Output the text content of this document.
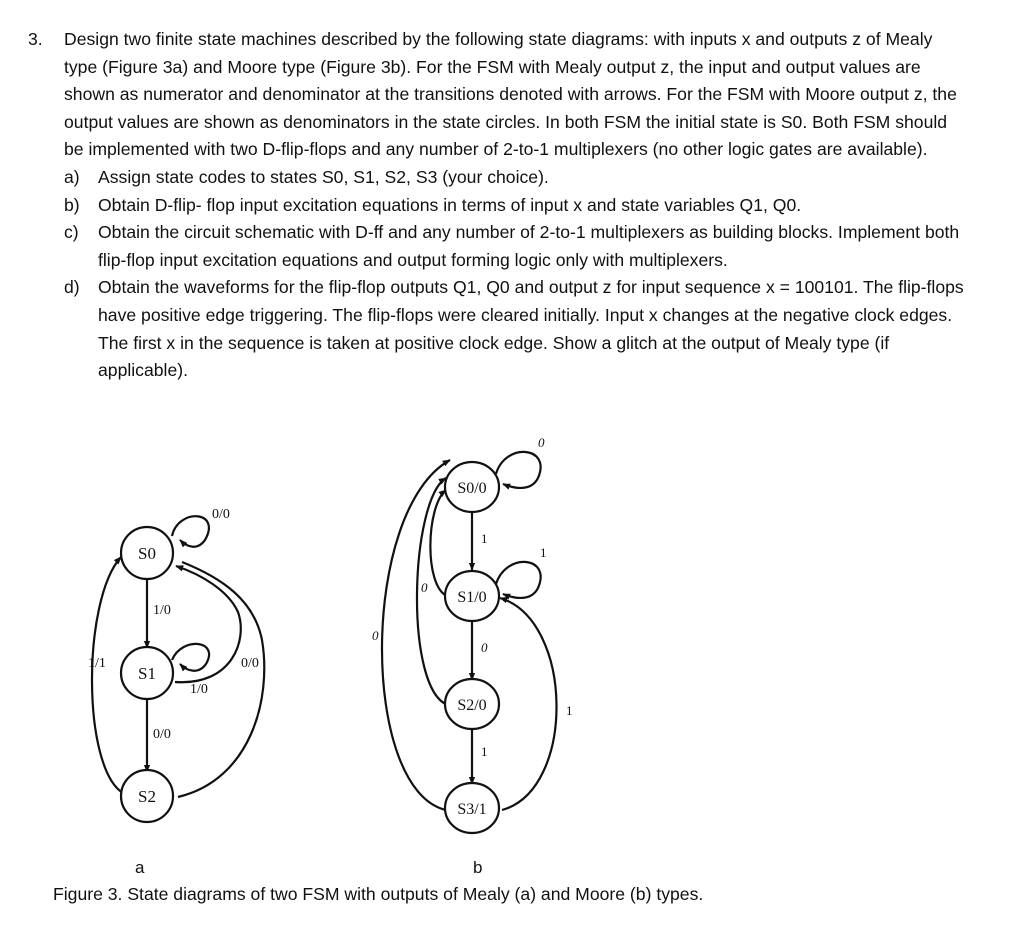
3. Design two finite state machines described by the following state diagrams: with inputs x and outputs z of Mealy type (Figure 3a) and Moore type (Figure 3b). For the FSM with Mealy output z, the input and output values are shown as numerator and denominator at the transitions denoted with arrows. For the FSM with Moore output z, the output values are shown as denominators in the state circles. In both FSM the initial state is S0. Both FSM should be implemented with two D-flip-flops and any number of 2-to-1 multiplexers (no other logic gates are available).
a) Assign state codes to states S0, S1, S2, S3 (your choice).
b) Obtain D-flip- flop input excitation equations in terms of input x and state variables Q1, Q0.
c) Obtain the circuit schematic with D-ff and any number of 2-to-1 multiplexers as building blocks. Implement both flip-flop input excitation equations and output forming logic only with multiplexers.
d) Obtain the waveforms for the flip-flop outputs Q1, Q0 and output z for input sequence x = 100101. The flip-flops have positive edge triggering. The flip-flops were cleared initially. Input x changes at the negative clock edges. The first x in the sequence is taken at positive clock edge. Show a glitch at the output of Mealy type (if applicable).
S0
S1
S2
0/0
1/0
1/0
0/0
0/0
1/1
S0/0
S1/0
S2/0
S3/1
0
1
1
0
1
0
0
1
a	b
Figure 3. State diagrams of two FSM with outputs of Mealy (a) and Moore (b) types.
